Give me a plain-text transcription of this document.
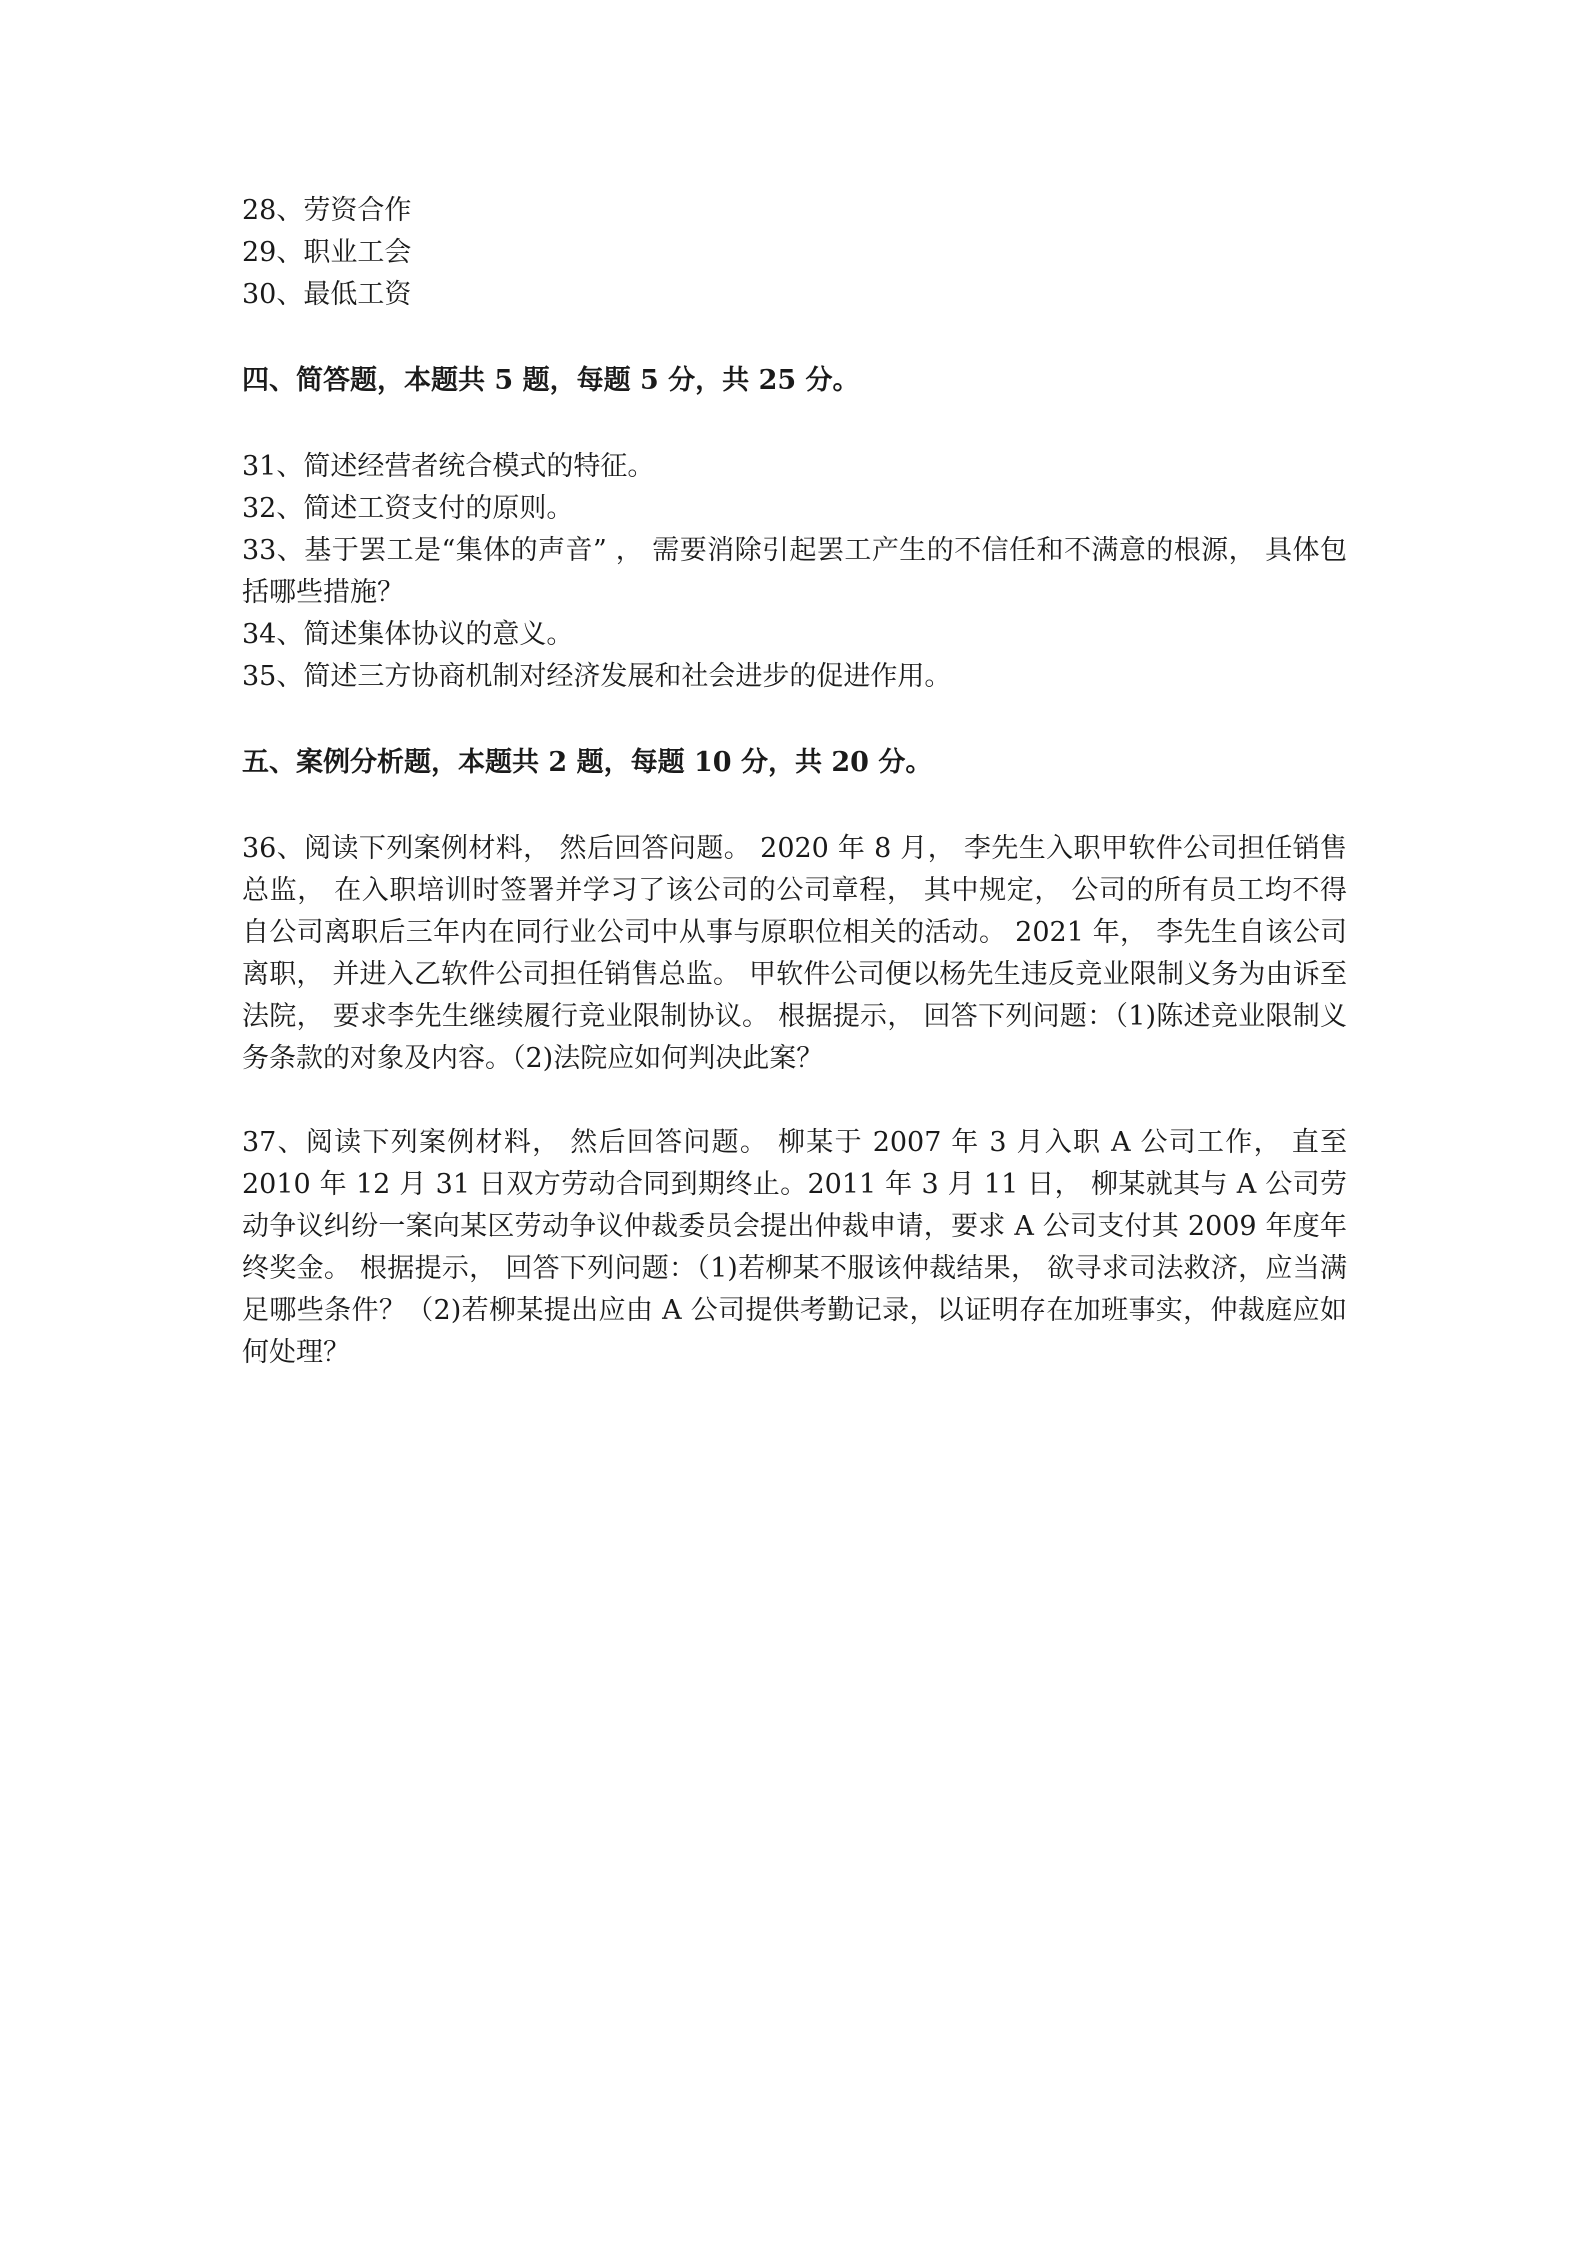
28、劳资合作

29、职业工会

30、最低工资

四、简答题，本题共 5 题，每题 5 分，共 25 分。

31、简述经营者统合模式的特征。

32、简述工资支付的原则。

33、基于罢工是“集体的声音” ， 需要消除引起罢工产生的不信任和不满意的根源， 具体包括哪些措施？

34、简述集体协议的意义。

35、简述三方协商机制对经济发展和社会进步的促进作用。

五、案例分析题，本题共 2 题，每题 10 分，共 20 分。

36、阅读下列案例材料， 然后回答问题。 2020 年 8 月， 李先生入职甲软件公司担任销售总监， 在入职培训时签署并学习了该公司的公司章程， 其中规定， 公司的所有员工均不得自公司离职后三年内在同行业公司中从事与原职位相关的活动。 2021 年， 李先生自该公司离职， 并进入乙软件公司担任销售总监。 甲软件公司便以杨先生违反竞业限制义务为由诉至法院， 要求李先生继续履行竞业限制协议。 根据提示， 回答下列问题：（1)陈述竞业限制义务条款的对象及内容。（2)法院应如何判决此案？

37、阅读下列案例材料， 然后回答问题。 柳某于 2007 年 3 月入职 A 公司工作， 直至 2010 年 12 月 31 日双方劳动合同到期终止。2011 年 3 月 11 日， 柳某就其与 A 公司劳动争议纠纷一案向某区劳动争议仲裁委员会提出仲裁申请，要求 A 公司支付其 2009 年度年终奖金。 根据提示， 回答下列问题：（1)若柳某不服该仲裁结果， 欲寻求司法救济，应当满足哪些条件？（2)若柳某提出应由 A 公司提供考勤记录，以证明存在加班事实，仲裁庭应如何处理？
